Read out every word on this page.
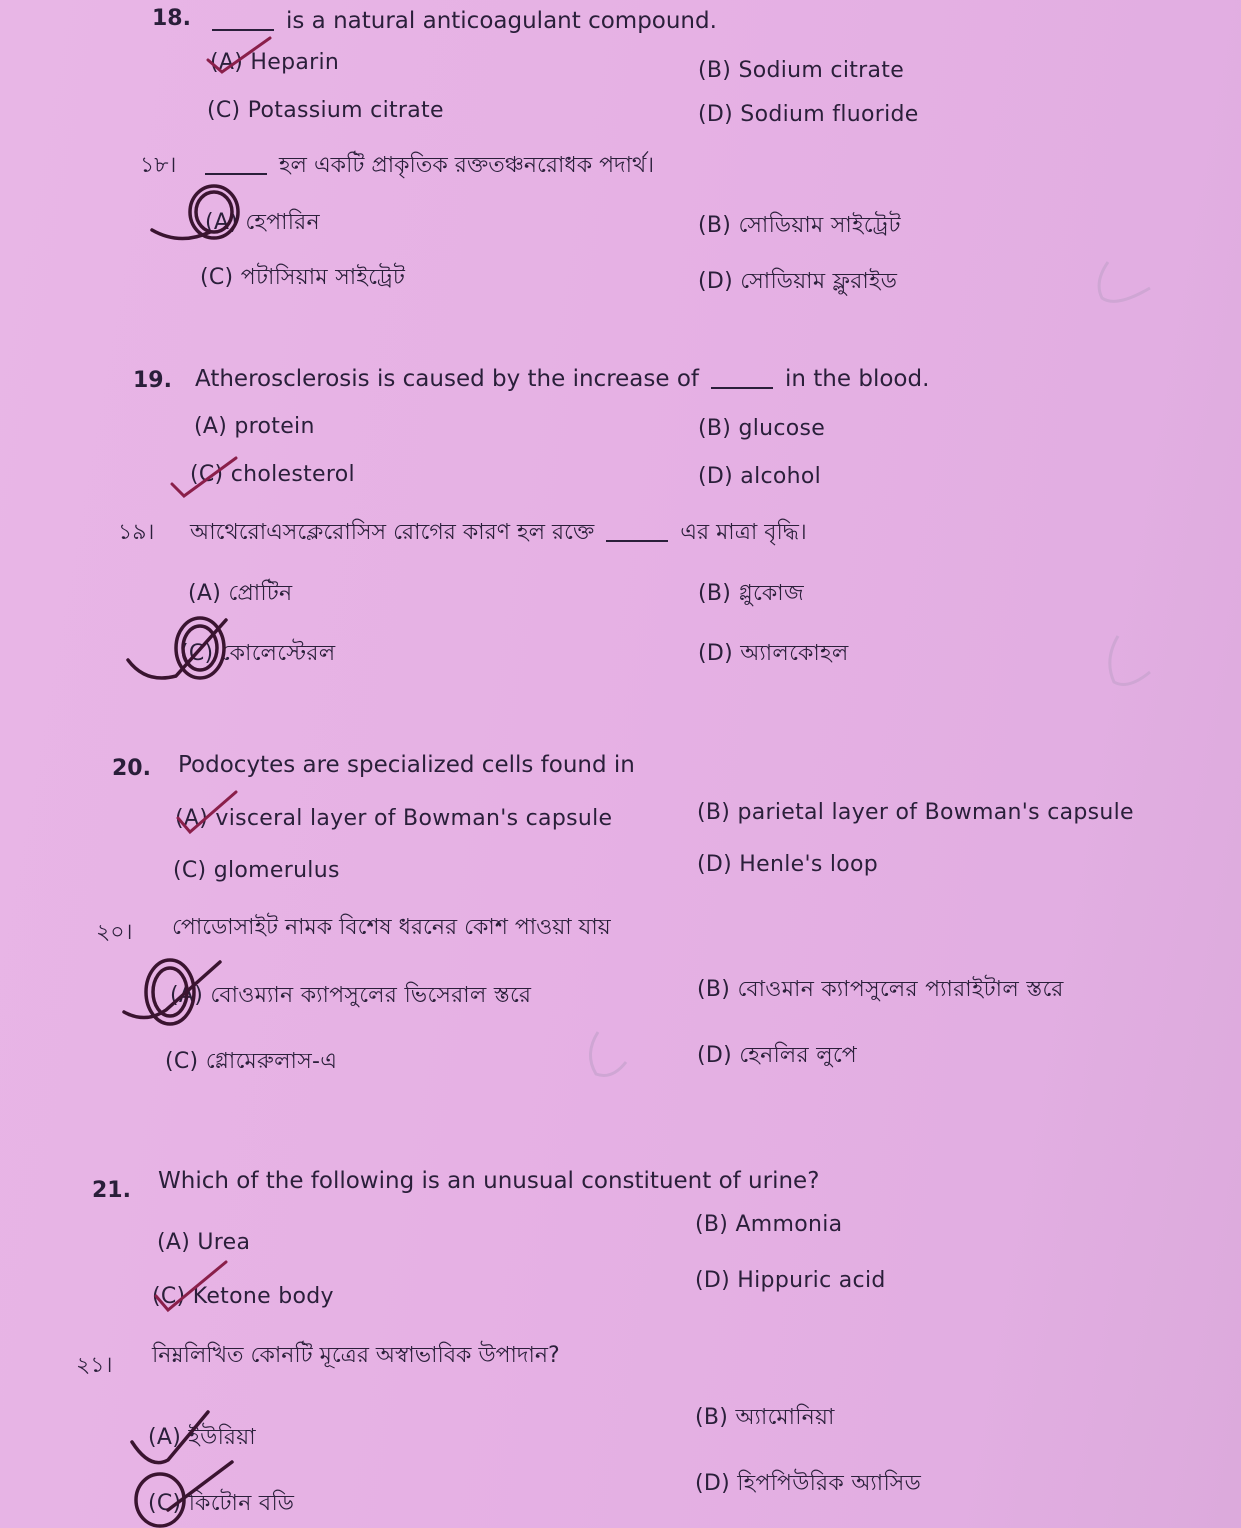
18.	is a natural anticoagulant compound.
(A) Heparin	(B) Sodium citrate
(C) Potassium citrate	(D) Sodium fluoride
১৮।	হল একটি প্রাকৃতিক রক্ততঞ্চনরোধক পদার্থ।
(A) হেপারিন	(B) সোডিয়াম সাইট্রেট
(C) পটাসিয়াম সাইট্রেট	(D) সোডিয়াম ফ্লুরাইড
19. Atherosclerosis is caused by the increase of	in the blood.
(A) protein	(B) glucose
(C) cholesterol	(D) alcohol
১৯। আথেরোএসক্লেরোসিস রোগের কারণ হল রক্তে	এর মাত্রা বৃদ্ধি।
(A) প্রোটিন	(B) গ্লুকোজ
(C) কোলেস্টেরল	(D) অ্যালকোহল
20. Podocytes are specialized cells found in
(A) visceral layer of Bowman's capsule	(B) parietal layer of Bowman's capsule
(C) glomerulus	(D) Henle's loop
২০। পোডোসাইট নামক বিশেষ ধরনের কোশ পাওয়া যায়
(A) বোওম্যান ক্যাপসুলের ভিসেরাল স্তরে	(B) বোওমান ক্যাপসুলের প্যারাইটাল স্তরে
(C) গ্লোমেরুলাস-এ	(D) হেনলির লুপে
21. Which of the following is an unusual constituent of urine?
(A) Urea
(B) Ammonia
(C) Ketone body
(D) Hippuric acid
২১। নিম্নলিখিত কোনটি মূত্রের অস্বাভাবিক উপাদান?
(A) ইউরিয়া
(B) অ্যামোনিয়া
(C) কিটোন বডি
(D) হিপপিউরিক অ্যাসিড
